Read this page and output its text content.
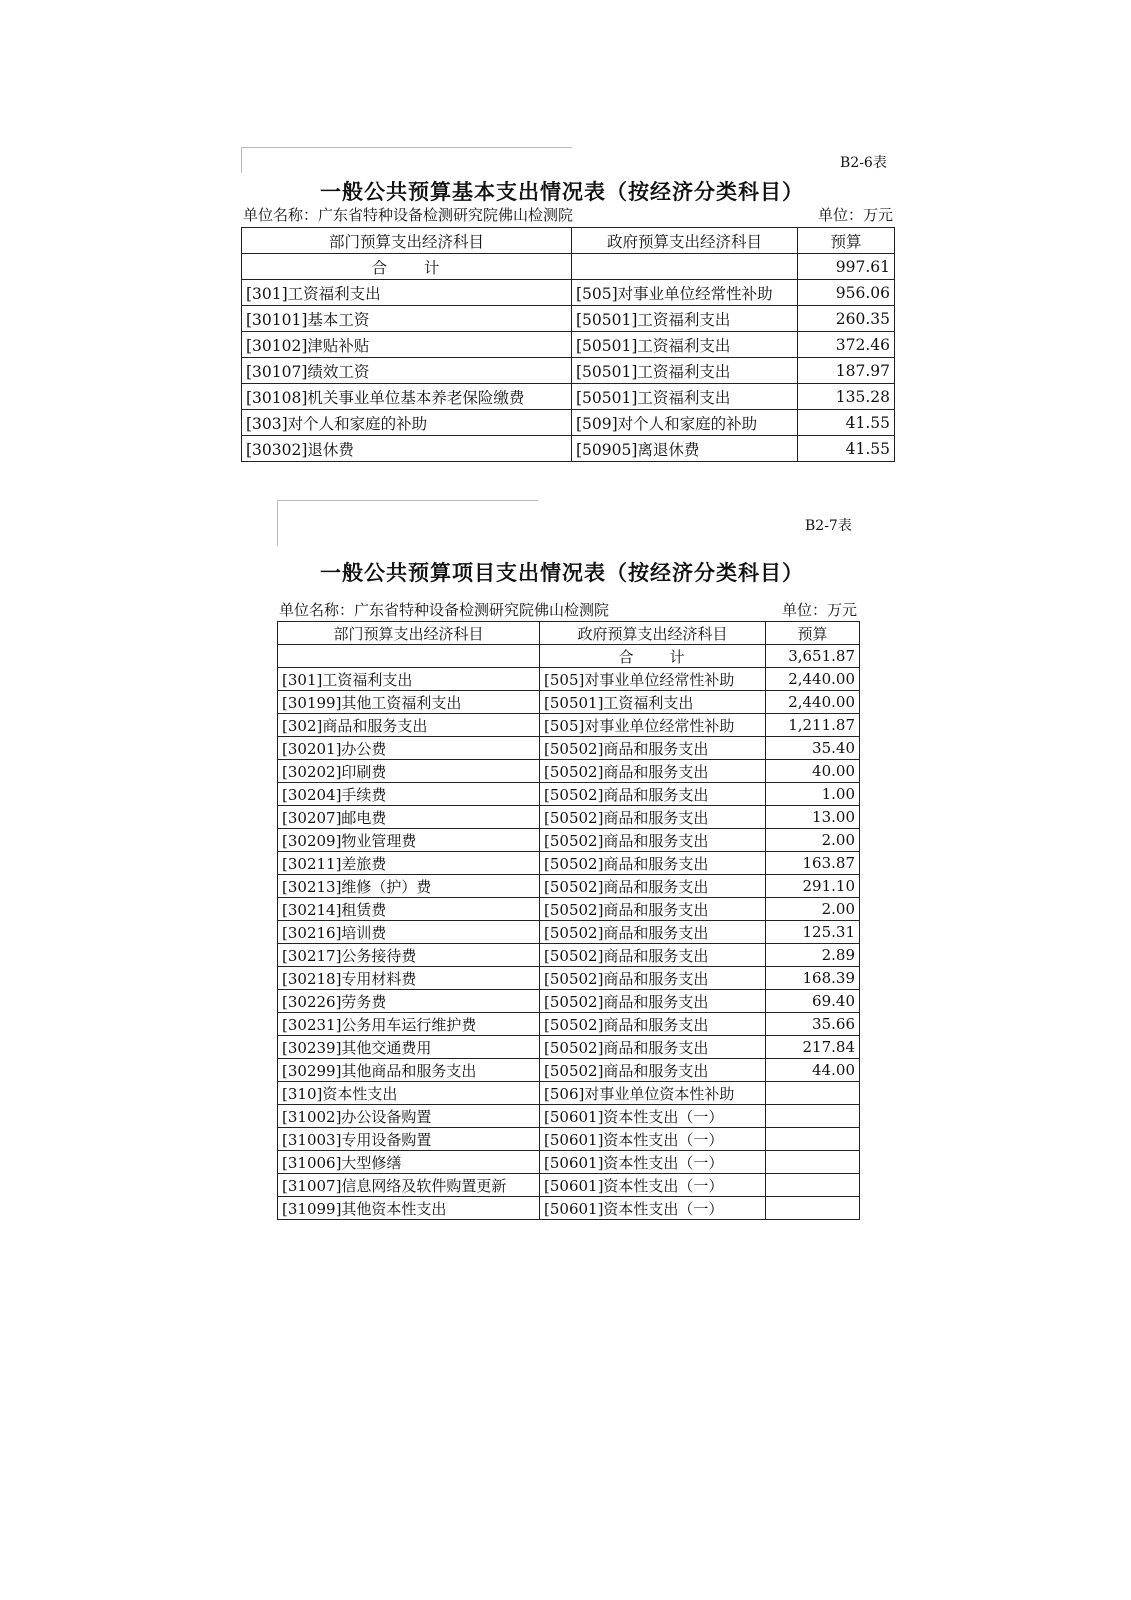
B2-6表
一般公共预算基本支出情况表（按经济分类科目）
单位名称：广东省特种设备检测研究院佛山检测院	单位：万元
部门预算支出经济科目	政府预算支出经济科目	预算
合　　计		997.61
[301]工资福利支出	[505]对事业单位经常性补助	956.06
[30101]基本工资	[50501]工资福利支出	260.35
[30102]津贴补贴	[50501]工资福利支出	372.46
[30107]绩效工资	[50501]工资福利支出	187.97
[30108]机关事业单位基本养老保险缴费	[50501]工资福利支出	135.28
[303]对个人和家庭的补助	[509]对个人和家庭的补助	41.55
[30302]退休费	[50905]离退休费	41.55
B2-7表
一般公共预算项目支出情况表（按经济分类科目）
单位名称：广东省特种设备检测研究院佛山检测院	单位：万元
部门预算支出经济科目	政府预算支出经济科目	预算
	合　　计	3,651.87
[301]工资福利支出	[505]对事业单位经常性补助	2,440.00
[30199]其他工资福利支出	[50501]工资福利支出	2,440.00
[302]商品和服务支出	[505]对事业单位经常性补助	1,211.87
[30201]办公费	[50502]商品和服务支出	35.40
[30202]印刷费	[50502]商品和服务支出	40.00
[30204]手续费	[50502]商品和服务支出	1.00
[30207]邮电费	[50502]商品和服务支出	13.00
[30209]物业管理费	[50502]商品和服务支出	2.00
[30211]差旅费	[50502]商品和服务支出	163.87
[30213]维修（护）费	[50502]商品和服务支出	291.10
[30214]租赁费	[50502]商品和服务支出	2.00
[30216]培训费	[50502]商品和服务支出	125.31
[30217]公务接待费	[50502]商品和服务支出	2.89
[30218]专用材料费	[50502]商品和服务支出	168.39
[30226]劳务费	[50502]商品和服务支出	69.40
[30231]公务用车运行维护费	[50502]商品和服务支出	35.66
[30239]其他交通费用	[50502]商品和服务支出	217.84
[30299]其他商品和服务支出	[50502]商品和服务支出	44.00
[310]资本性支出	[506]对事业单位资本性补助	
[31002]办公设备购置	[50601]资本性支出（一）	
[31003]专用设备购置	[50601]资本性支出（一）	
[31006]大型修缮	[50601]资本性支出（一）	
[31007]信息网络及软件购置更新	[50601]资本性支出（一）	
[31099]其他资本性支出	[50601]资本性支出（一）	
